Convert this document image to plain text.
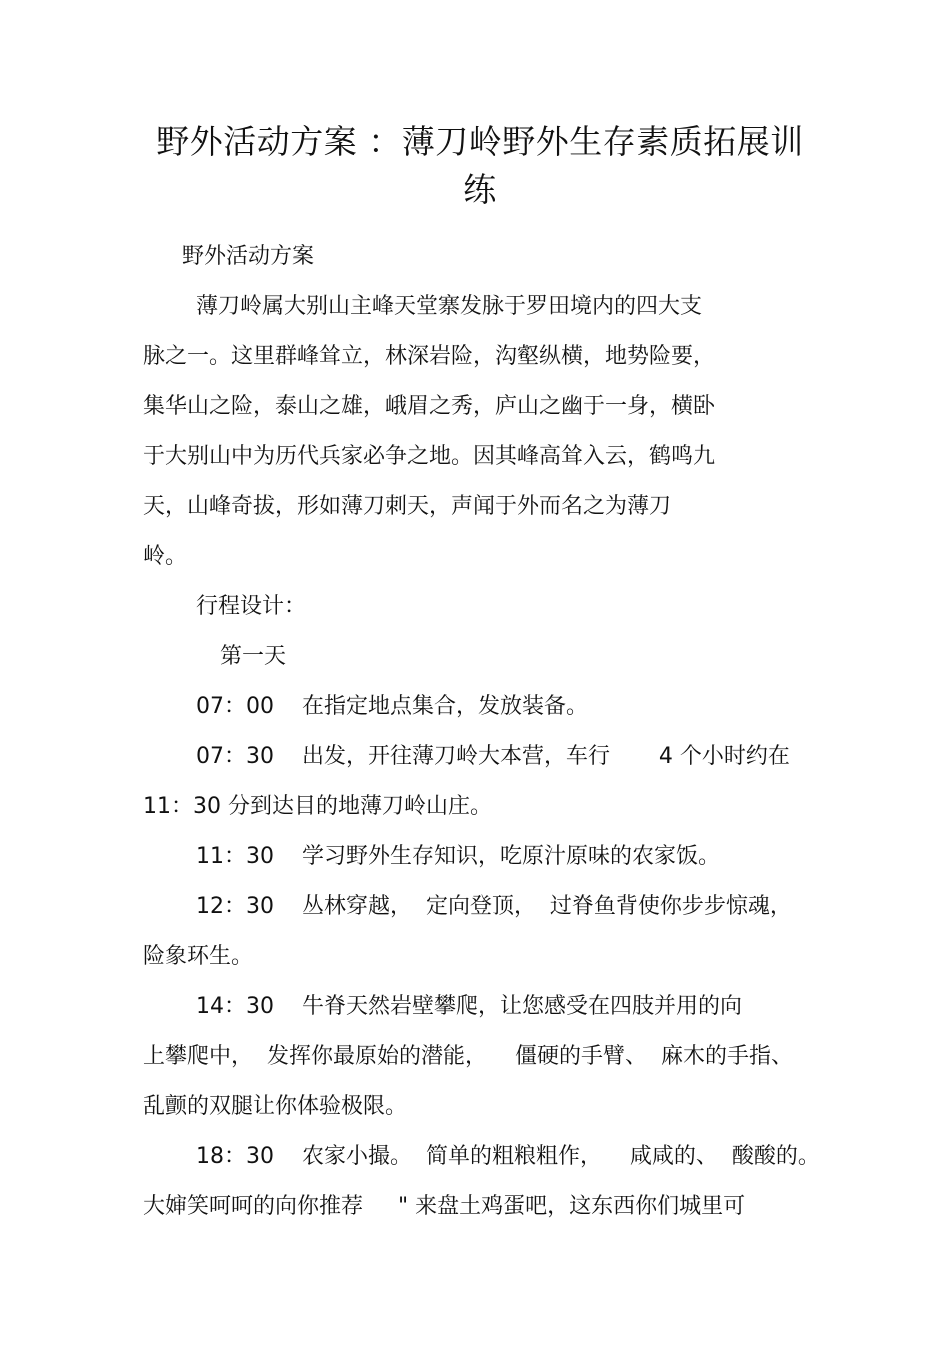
野外活动方案 ：薄刀岭野外生存素质拓展训
练
野外活动方案
薄刀岭属大别山主峰天堂寨发脉于罗田境内的四大支
脉之一。这里群峰耸立，林深岩险，沟壑纵横，地势险要，
集华山之险，泰山之雄，峨眉之秀，庐山之幽于一身，横卧
于大别山中为历代兵家必争之地。因其峰高耸入云，鹤鸣九
天，山峰奇拔，形如薄刀刺天，声闻于外而名之为薄刀
岭。
行程设计：
第一天
07：00    在指定地点集合，发放装备。
07：30    出发，开往薄刀岭大本营，车行       4 个小时约在
11：30 分到达目的地薄刀岭山庄。
11：30    学习野外生存知识，吃原汁原味的农家饭。
12：30    丛林穿越，  定向登顶，  过脊鱼背使你步步惊魂，
险象环生。
14：30    牛脊天然岩壁攀爬，让您感受在四肢并用的向
上攀爬中，  发挥你最原始的潜能，    僵硬的手臂、  麻木的手指、
乱颤的双腿让你体验极限。
18：30    农家小撮。  简单的粗粮粗作，    咸咸的、  酸酸的。
大婶笑呵呵的向你推荐     " 来盘土鸡蛋吧，这东西你们城里可
